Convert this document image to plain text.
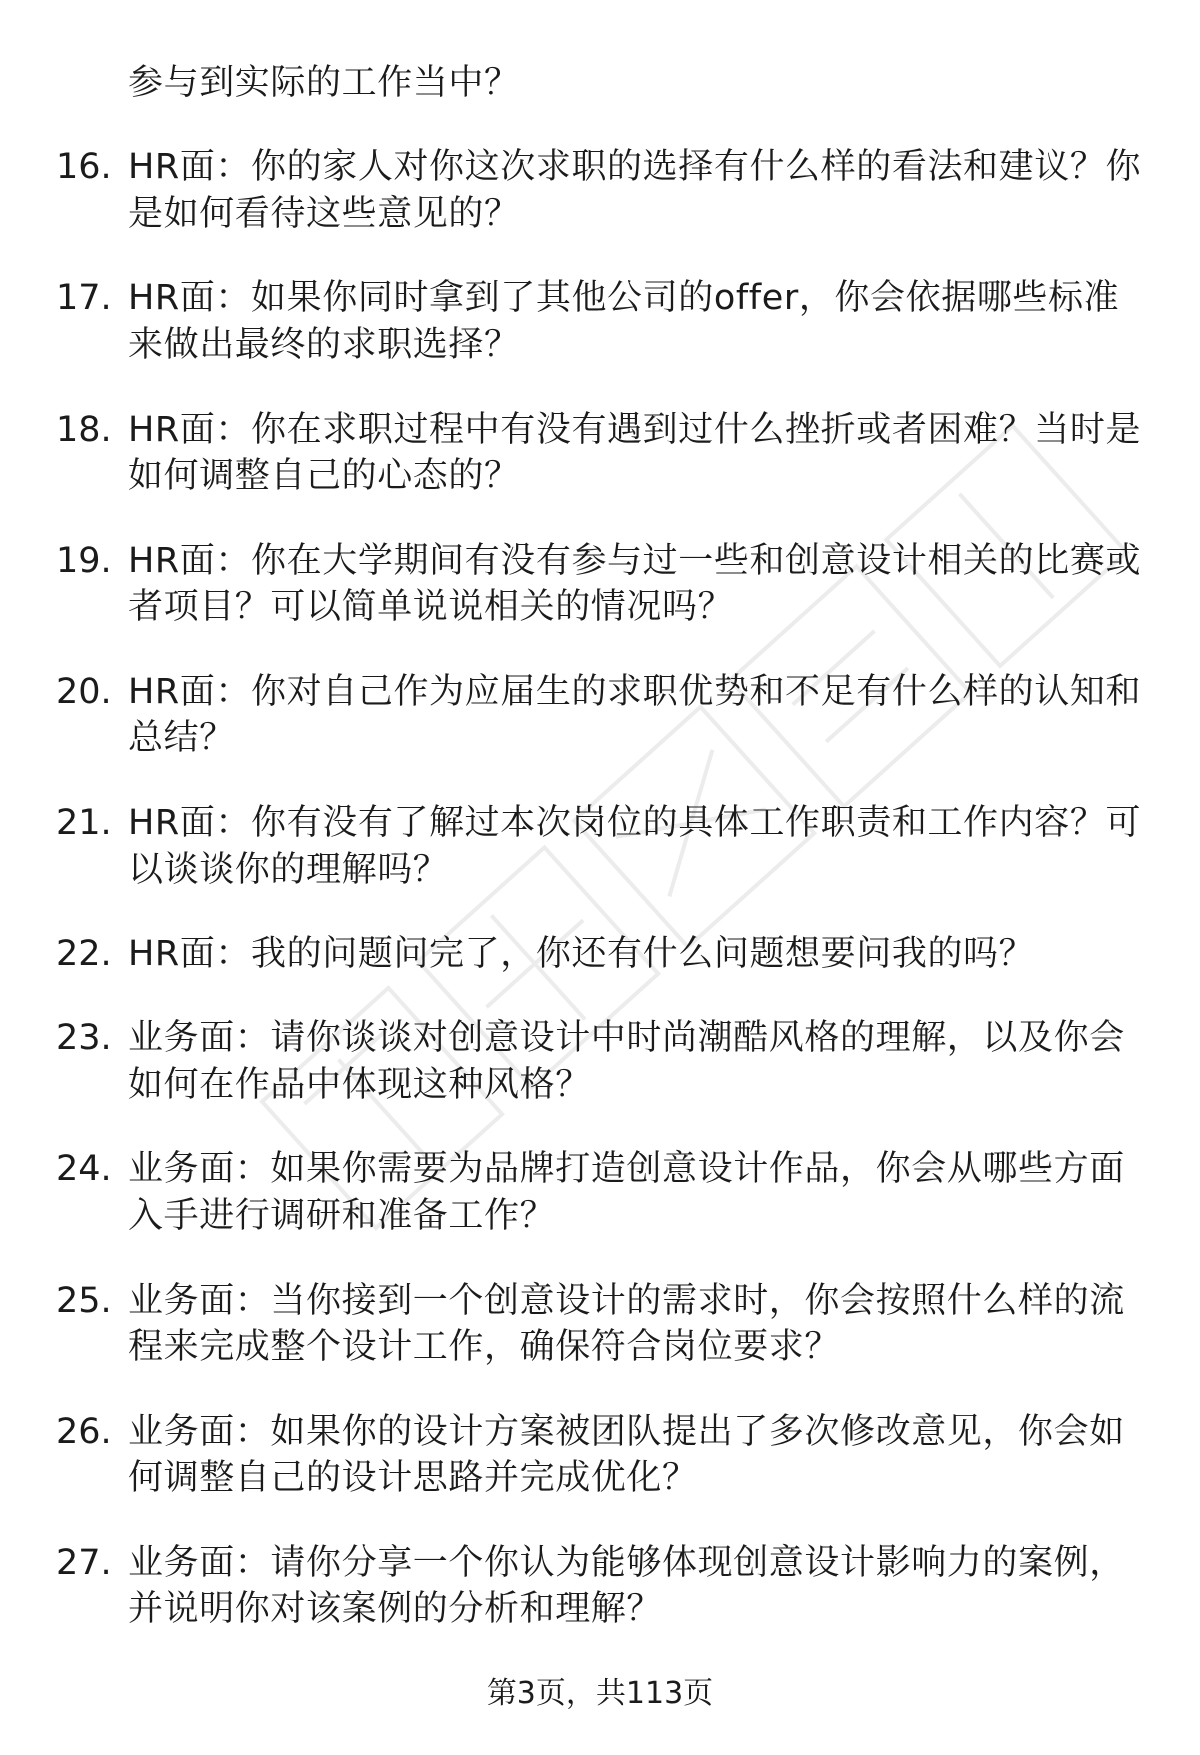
参与到实际的工作当中？
16. HR面：你的家人对你这次求职的选择有什么样的看法和建议？你
是如何看待这些意见的？
17. HR面：如果你同时拿到了其他公司的offer，你会依据哪些标准
来做出最终的求职选择？
18. HR面：你在求职过程中有没有遇到过什么挫折或者困难？当时是
如何调整自己的心态的？
19. HR面：你在大学期间有没有参与过一些和创意设计相关的比赛或
者项目？可以简单说说相关的情况吗？
20. HR面：你对自己作为应届生的求职优势和不足有什么样的认知和
总结？
21. HR面：你有没有了解过本次岗位的具体工作职责和工作内容？可
以谈谈你的理解吗？
22. HR面：我的问题问完了，你还有什么问题想要问我的吗？
23. 业务面：请你谈谈对创意设计中时尚潮酷风格的理解，以及你会
如何在作品中体现这种风格？
24. 业务面：如果你需要为品牌打造创意设计作品，你会从哪些方面
入手进行调研和准备工作？
25. 业务面：当你接到一个创意设计的需求时，你会按照什么样的流
程来完成整个设计工作，确保符合岗位要求？
26. 业务面：如果你的设计方案被团队提出了多次修改意见，你会如
何调整自己的设计思路并完成优化？
27. 业务面：请你分享一个你认为能够体现创意设计影响力的案例，
并说明你对该案例的分析和理解？
第3页，共113页
